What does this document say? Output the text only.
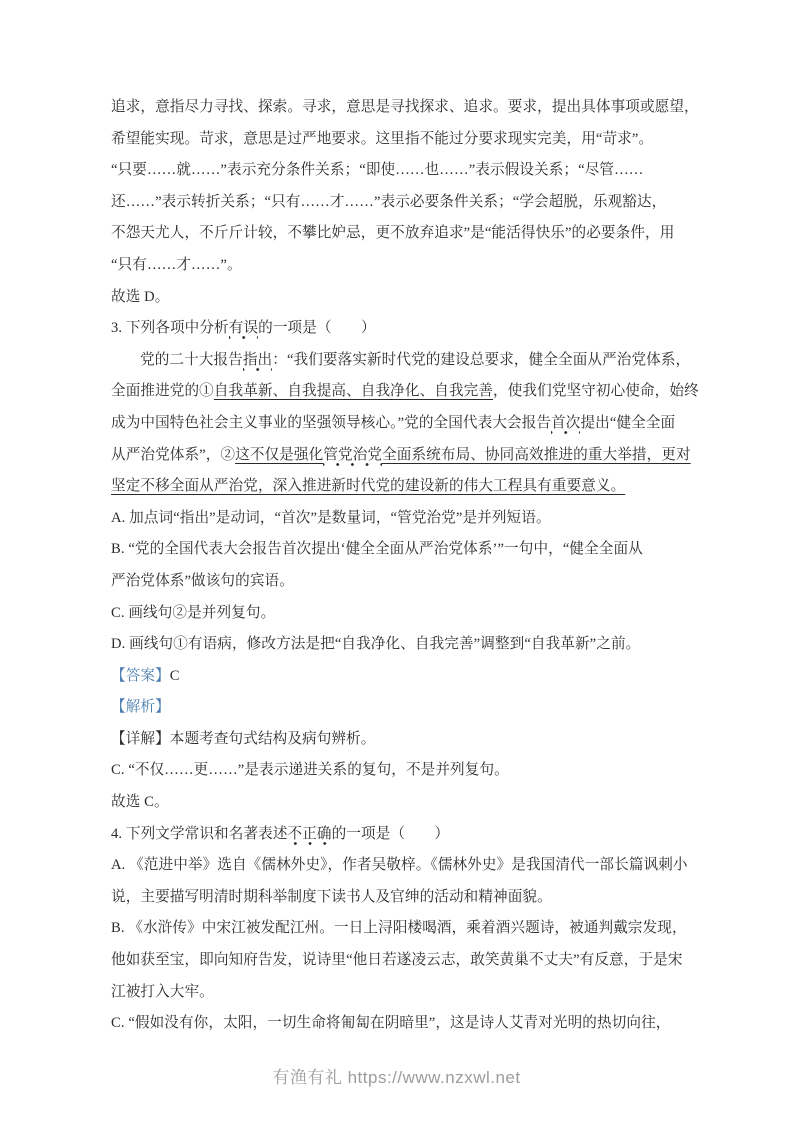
追求，意指尽力寻找、探索。寻求，意思是寻找探求、追求。要求，提出具体事项或愿望，

希望能实现。苛求，意思是过严地要求。这里指不能过分要求现实完美，用“苛求”。

“只要……就……”表示充分条件关系；“即使……也……”表示假设关系；“尽管……

还……”表示转折关系；“只有……才……”表示必要条件关系；“学会超脱，乐观豁达，

不怨天尤人，不斤斤计较，不攀比妒忌，更不放弃追求”是“能活得快乐”的必要条件，用

“只有……才……”。

故选 D。

3. 下列各项中分析有误的一项是（　　）

党的二十大报告指出：“我们要落实新时代党的建设总要求，健全全面从严治党体系，

全面推进党的①自我革新、自我提高、自我净化、自我完善，使我们党坚守初心使命，始终

成为中国特色社会主义事业的坚强领导核心。”党的全国代表大会报告首次提出“健全全面

从严治党体系”，②这不仅是强化管党治党全面系统布局、协同高效推进的重大举措，更对

坚定不移全面从严治党，深入推进新时代党的建设新的伟大工程具有重要意义。

A. 加点词“指出”是动词，“首次”是数量词，“管党治党”是并列短语。

B. “党的全国代表大会报告首次提出‘健全全面从严治党体系’”一句中，“健全全面从

严治党体系”做该句的宾语。

C. 画线句②是并列复句。

D. 画线句①有语病，修改方法是把“自我净化、自我完善”调整到“自我革新”之前。

【答案】C

【解析】

【详解】本题考查句式结构及病句辨析。

C. “不仅……更……”是表示递进关系的复句，不是并列复句。

故选 C。

4. 下列文学常识和名著表述不正确的一项是（　　）

A. 《范进中举》选自《儒林外史》，作者吴敬梓。《儒林外史》是我国清代一部长篇讽刺小

说，主要描写明清时期科举制度下读书人及官绅的活动和精神面貌。

B. 《水浒传》中宋江被发配江州。一日上浔阳楼喝酒，乘着酒兴题诗，被通判戴宗发现，

他如获至宝，即向知府告发，说诗里“他日若遂凌云志，敢笑黄巢不丈夫”有反意，于是宋

江被打入大牢。

C. “假如没有你，太阳，一切生命将匍匐在阴暗里”，这是诗人艾青对光明的热切向往，

有渔有礼 https://www.nzxwl.net
